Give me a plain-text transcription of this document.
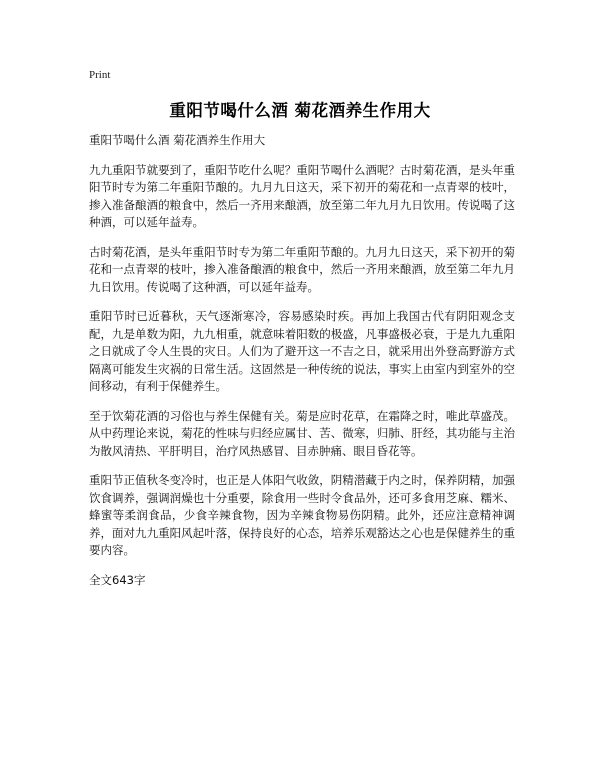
Print
重阳节喝什么酒 菊花酒养生作用大

重阳节喝什么酒 菊花酒养生作用大

九九重阳节就要到了，重阳节吃什么呢？重阳节喝什么酒呢？古时菊花酒，是头年重阳节时专为第二年重阳节酿的。九月九日这天，采下初开的菊花和一点青翠的枝叶，掺入准备酿酒的粮食中，然后一齐用来酿酒，放至第二年九月九日饮用。传说喝了这种酒，可以延年益寿。

古时菊花酒，是头年重阳节时专为第二年重阳节酿的。九月九日这天，采下初开的菊花和一点青翠的枝叶，掺入准备酿酒的粮食中，然后一齐用来酿酒，放至第二年九月九日饮用。传说喝了这种酒，可以延年益寿。

重阳节时已近暮秋，天气逐渐寒冷，容易感染时疾。再加上我国古代有阴阳观念支配，九是单数为阳，九九相重，就意味着阳数的极盛，凡事盛极必衰，于是九九重阳之日就成了令人生畏的灾日。人们为了避开这一不吉之日，就采用出外登高野游方式隔离可能发生灾祸的日常生活。这固然是一种传统的说法，事实上由室内到室外的空间移动，有利于保健养生。

至于饮菊花酒的习俗也与养生保健有关。菊是应时花草，在霜降之时，唯此草盛茂。从中药理论来说，菊花的性味与归经应属甘、苦、微寒，归肺、肝经，其功能与主治为散风清热、平肝明目，治疗风热感冒、目赤肿痛、眼目昏花等。

重阳节正值秋冬变冷时，也正是人体阳气收敛，阴精潜藏于内之时，保养阴精，加强饮食调养，强调润燥也十分重要，除食用一些时令食品外，还可多食用芝麻、糯米、蜂蜜等柔润食品，少食辛辣食物，因为辛辣食物易伤阴精。此外，还应注意精神调养，面对九九重阳风起叶落，保持良好的心态，培养乐观豁达之心也是保健养生的重要内容。

全文643字
